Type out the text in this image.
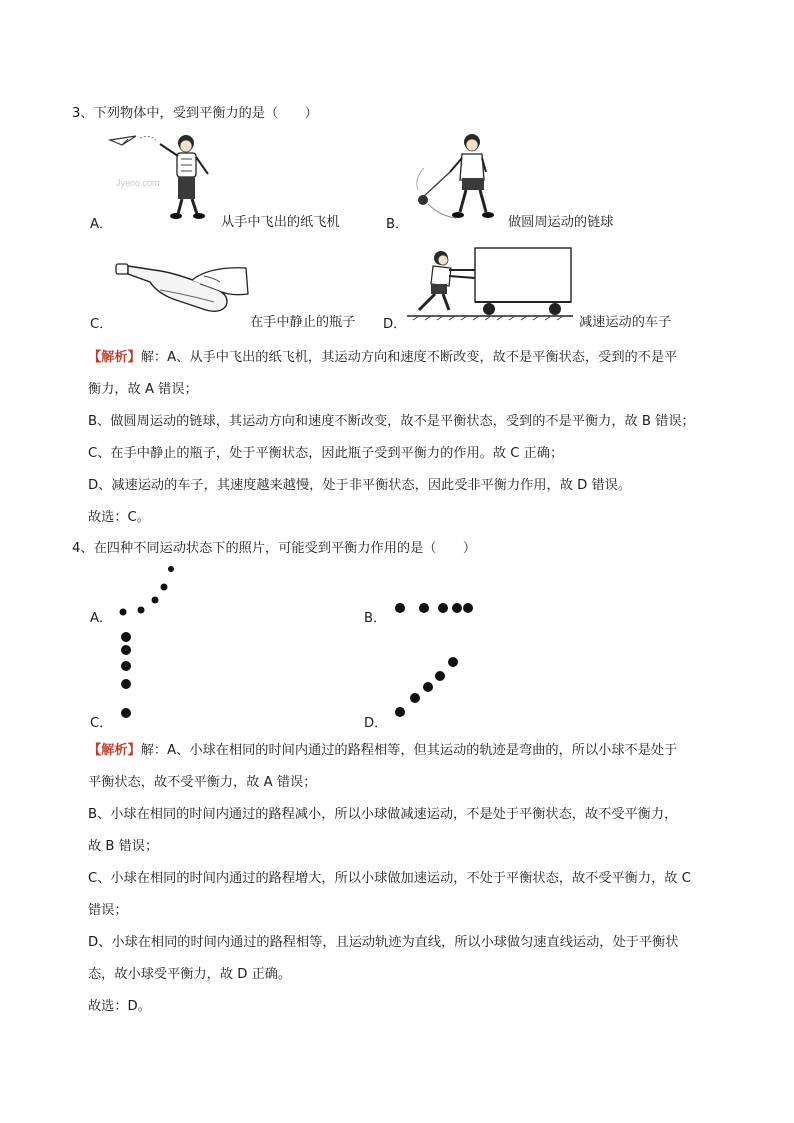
3、下列物体中，受到平衡力的是（　　）
Jyeoo.com
A．	从手中飞出的纸飞机	B．	做圆周运动的链球
C．	在手中静止的瓶子 D．	减速运动的车子
【解析】解：A、从手中飞出的纸飞机，其运动方向和速度不断改变，故不是平衡状态，受到的不是平
衡力，故 A 错误；
B、做圆周运动的链球，其运动方向和速度不断改变，故不是平衡状态，受到的不是平衡力，故 B 错误；
C、在手中静止的瓶子，处于平衡状态，因此瓶子受到平衡力的作用。故 C 正确；
D、减速运动的车子，其速度越来越慢，处于非平衡状态，因此受非平衡力作用，故 D 错误。
故选：C。
4、在四种不同运动状态下的照片，可能受到平衡力作用的是（　　）
A．	B．
C．	D．
【解析】解：A、小球在相同的时间内通过的路程相等，但其运动的轨迹是弯曲的，所以小球不是处于
平衡状态，故不受平衡力，故 A 错误；
B、小球在相同的时间内通过的路程减小，所以小球做减速运动，不是处于平衡状态，故不受平衡力，
故 B 错误；
C、小球在相同的时间内通过的路程增大，所以小球做加速运动，不处于平衡状态，故不受平衡力，故 C
错误；
D、小球在相同的时间内通过的路程相等，且运动轨迹为直线，所以小球做匀速直线运动，处于平衡状
态，故小球受平衡力，故 D 正确。
故选：D。
